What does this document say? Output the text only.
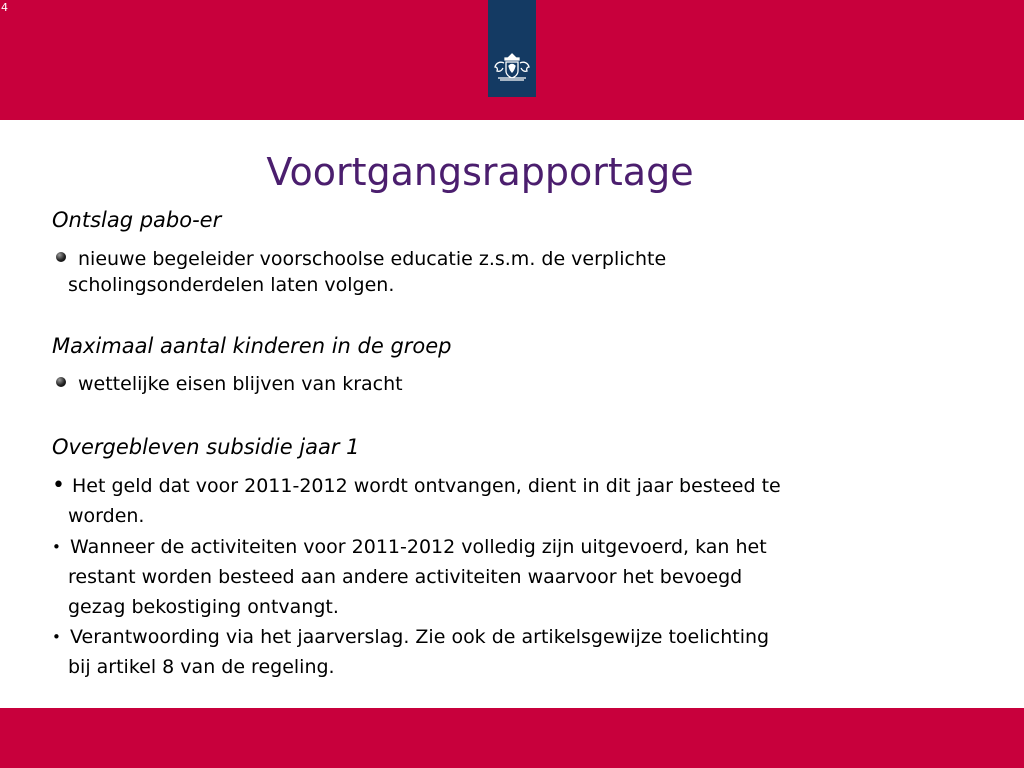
4
Voortgangsrapportage
Ontslag pabo-er
nieuwe begeleider voorschoolse educatie z.s.m. de verplichte
scholingsonderdelen laten volgen.
Maximaal aantal kinderen in de groep
wettelijke eisen blijven van kracht
Overgebleven subsidie jaar 1
• Het geld dat voor 2011-2012 wordt ontvangen, dient in dit jaar besteed te
worden.
• Wanneer de activiteiten voor 2011-2012 volledig zijn uitgevoerd, kan het
restant worden besteed aan andere activiteiten waarvoor het bevoegd
gezag bekostiging ontvangt.
• Verantwoording via het jaarverslag. Zie ook de artikelsgewijze toelichting
bij artikel 8 van de regeling.
